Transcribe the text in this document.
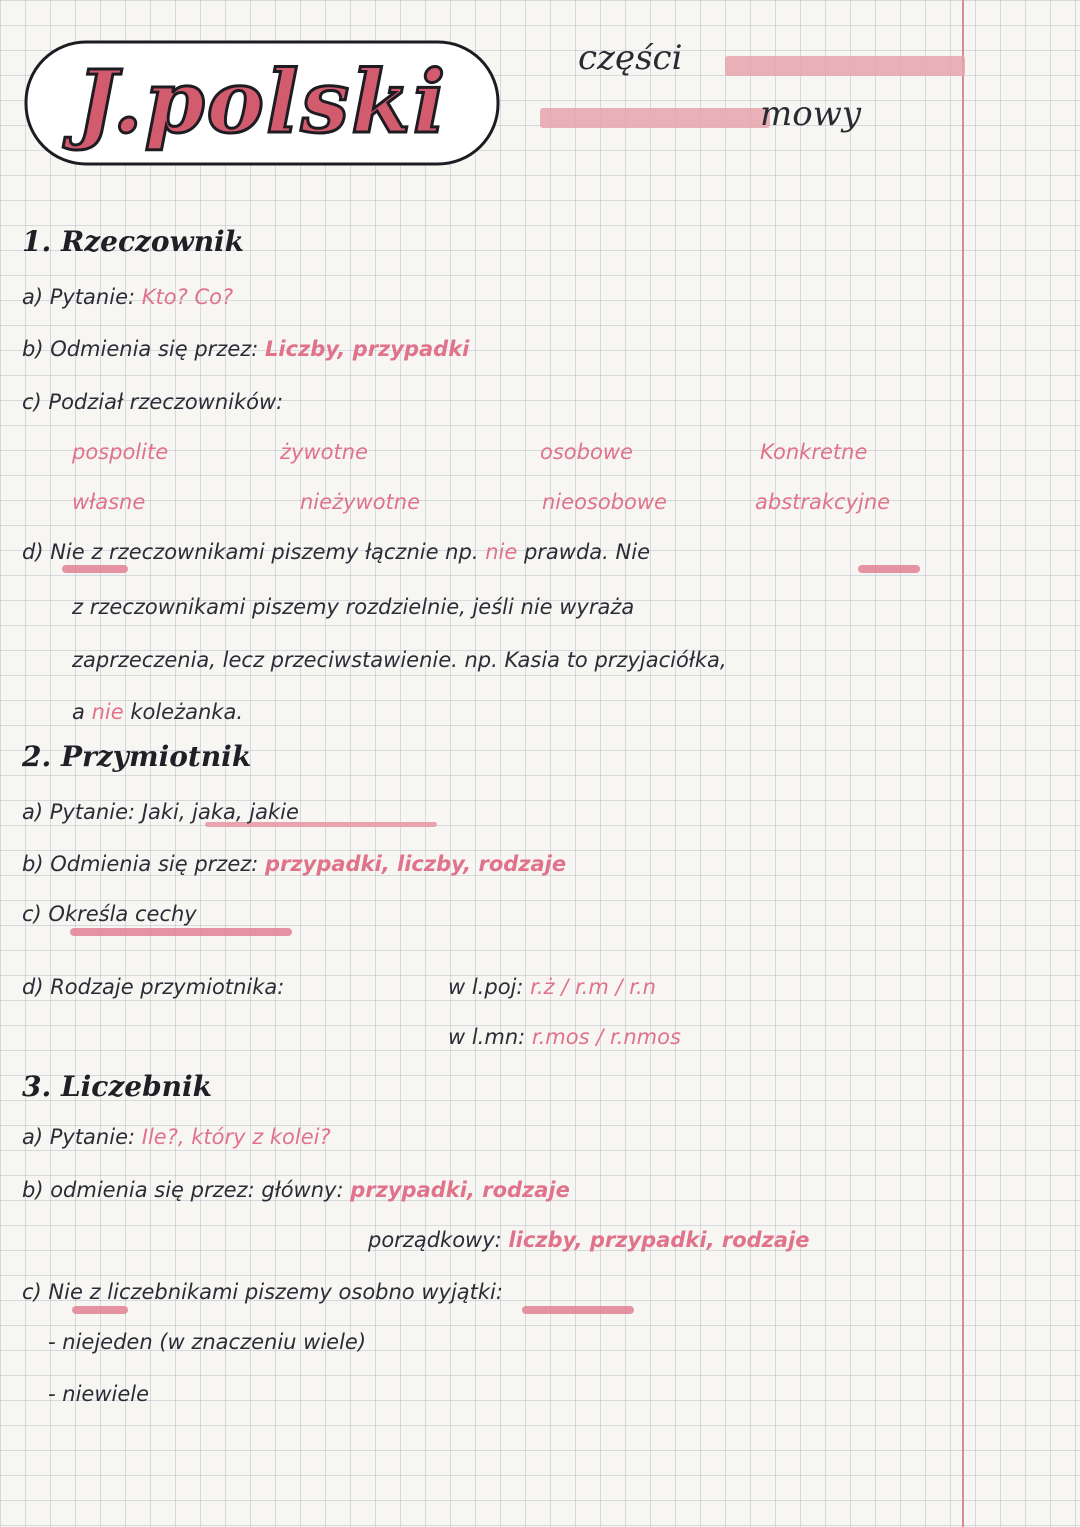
J.polski	części
mowy
1. Rzeczownik
a) Pytanie: Kto? Co?
b) Odmienia się przez: Liczby, przypadki
c) Podział rzeczowników:
pospolite	żywotne	osobowe	Konkretne
własne	nieżywotne	nieosobowe	abstrakcyjne
d) Nie z rzeczownikami piszemy łącznie np. nie prawda. Nie
z rzeczownikami piszemy rozdzielnie, jeśli nie wyraża
zaprzeczenia, lecz przeciwstawienie. np. Kasia to przyjaciółka,
a nie koleżanka.
2. Przymiotnik
a) Pytanie: Jaki, jaka, jakie
b) Odmienia się przez: przypadki, liczby, rodzaje
c) Określa cechy
d) Rodzaje przymiotnika:	w l.poj: r.ż / r.m / r.n
w l.mn: r.mos / r.nmos
3. Liczebnik
a) Pytanie: Ile?, który z kolei?
b) odmienia się przez: główny: przypadki, rodzaje
porządkowy: liczby, przypadki, rodzaje
c) Nie z liczebnikami piszemy osobno wyjątki:
- niejeden (w znaczeniu wiele)
- niewiele
